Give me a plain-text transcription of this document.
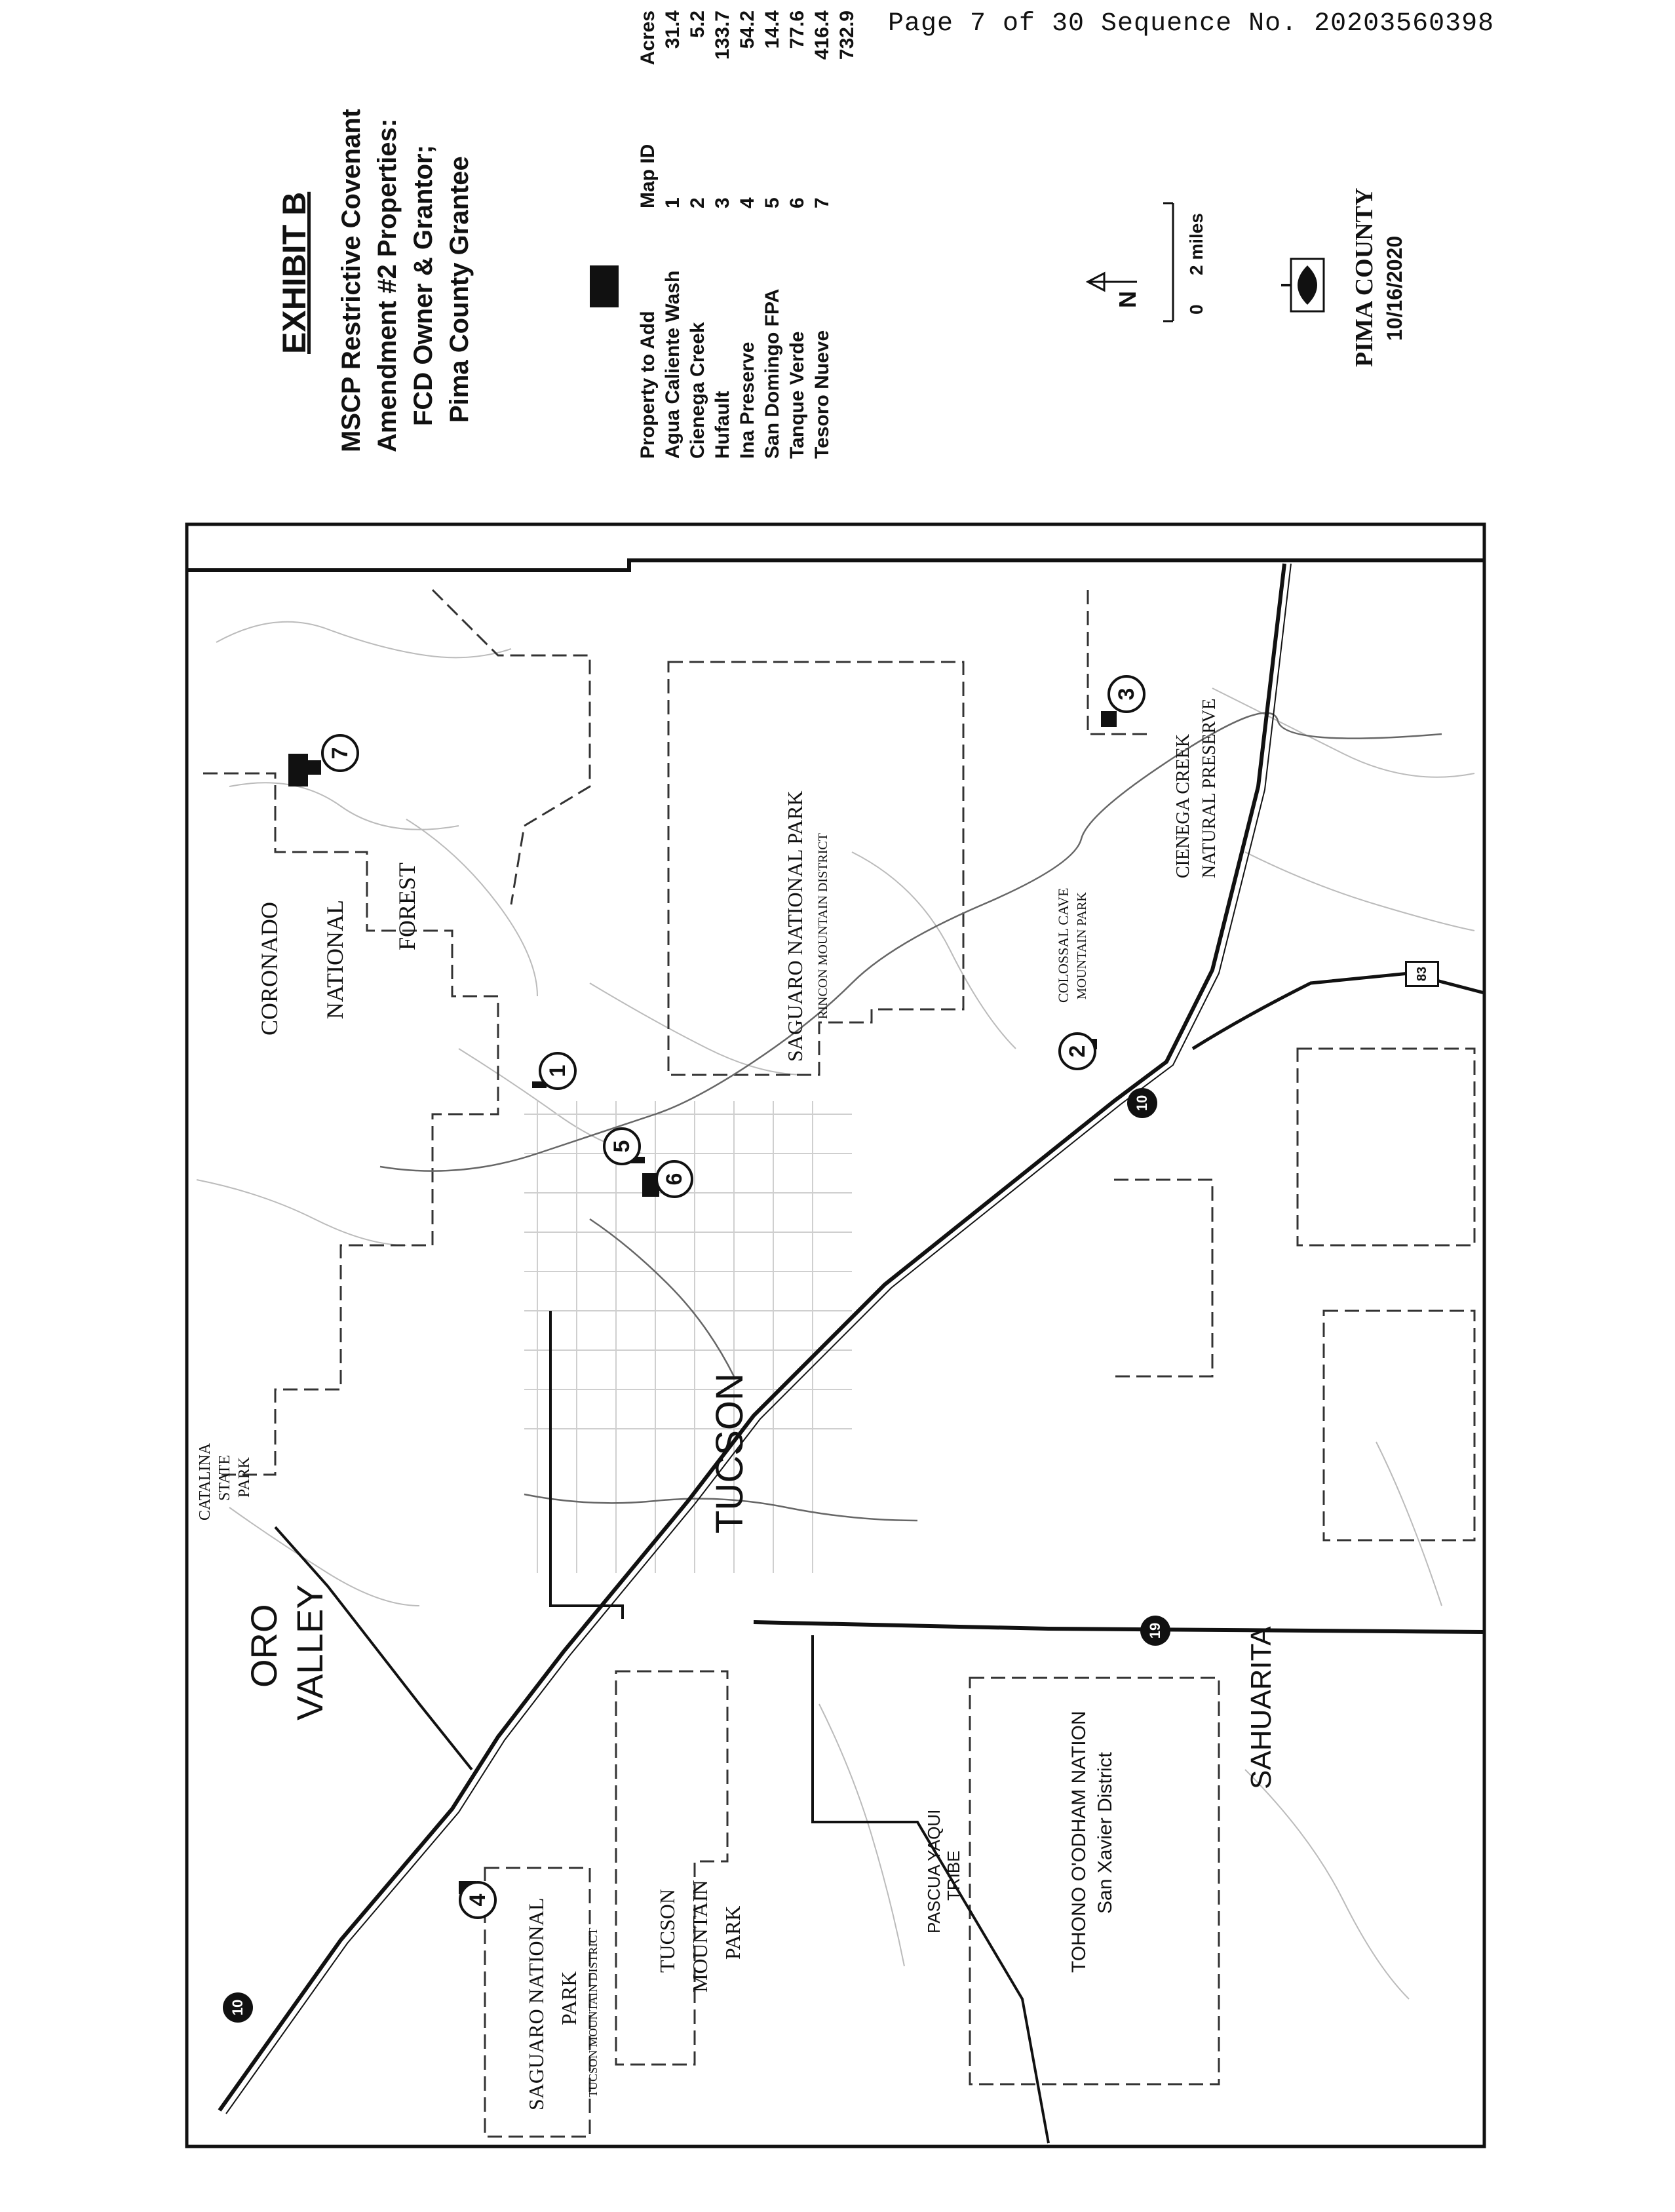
Page 7 of 30 Sequence No. 20203560398
EXHIBIT B MSCP Restrictive Covenant Amendment #2 Properties: FCD Owner & Grantor; Pima County Grantee	Property to Add	Map ID	Acres
Agua Caliente Wash	1	31.4
Cienega Creek	2	5.2
Hufault	3	133.7
Ina Preserve	4	54.2
San Domingo FPA	5	14.4
Tanque Verde	6	77.6
Tesoro Nueve	7	416.4
		732.9
N
0
2 miles	PIMA COUNTY 10/16/2020
CORONADO NATIONAL FOREST	SAGUARO NATIONAL PARK RINCON MOUNTAIN DISTRICT	COLOSSAL CAVE MOUNTAIN PARK
CIENEGA CREEK NATURAL PRESERVE
CATALINA STATE PARK	TUCSON
ORO VALLEY	SAHUARITA
TOHONO O'ODHAM NATION San Xavier District
PASCUA YAQUI TRIBE
TUCSON MOUNTAIN PARK
SAGUARO NATIONAL PARK TUCSON MOUNTAIN DISTRICT
10
10
19
83
7
1
5
6
3
2
4
